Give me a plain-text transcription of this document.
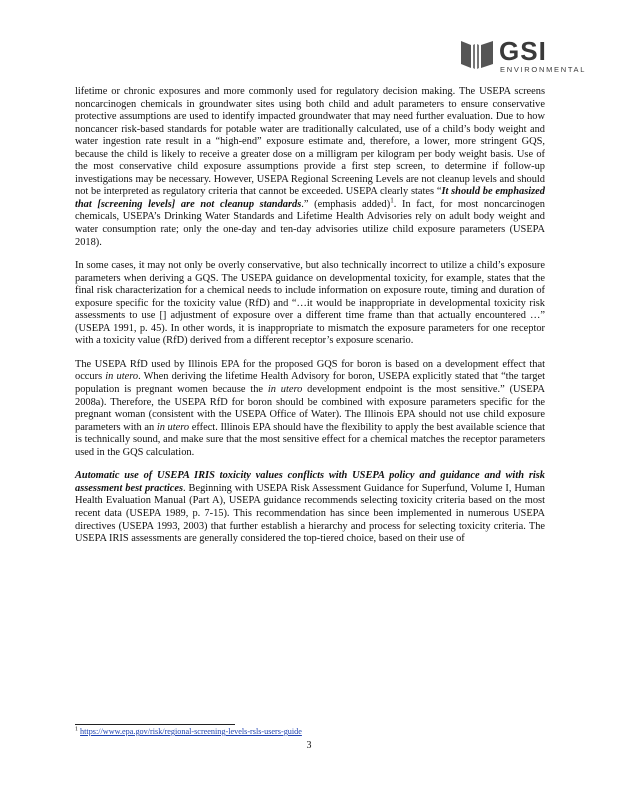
GSI
ENVIRONMENTAL

lifetime or chronic exposures and more commonly used for regulatory decision making. The USEPA screens noncarcinogen chemicals in groundwater sites using both child and adult parameters to ensure conservative protective assumptions are used to identify impacted groundwater that may need further evaluation. Due to how noncancer risk-based standards for potable water are traditionally calculated, use of a child’s body weight and water ingestion rate result in a “high-end” exposure estimate and, therefore, a lower, more stringent GQS, because the child is likely to receive a greater dose on a milligram per kilogram per body weight basis. Use of the most conservative child exposure assumptions provide a first step screen, to determine if follow-up investigations may be necessary. However, USEPA Regional Screening Levels are not cleanup levels and should not be interpreted as regulatory criteria that cannot be exceeded. USEPA clearly states “It should be emphasized that [screening levels] are not cleanup standards.” (emphasis added)$^1$. In fact, for most noncarcinogen chemicals, USEPA’s Drinking Water Standards and Lifetime Health Advisories rely on adult body weight and water consumption rate; only the one-day and ten-day advisories utilize child exposure parameters (USEPA 2018).

In some cases, it may not only be overly conservative, but also technically incorrect to utilize a child’s exposure parameters when deriving a GQS. The USEPA guidance on developmental toxicity, for example, states that the final risk characterization for a chemical needs to include information on exposure route, timing and duration of exposure specific for the toxicity value (RfD) and “…it would be inappropriate in developmental toxicity risk assessments to use [] adjustment of exposure over a different time frame than that actually encountered …” (USEPA 1991, p. 45). In other words, it is inappropriate to mismatch the exposure parameters for one receptor with a toxicity value (RfD) derived from a different receptor’s exposure scenario.

The USEPA RfD used by Illinois EPA for the proposed GQS for boron is based on a development effect that occurs in utero. When deriving the lifetime Health Advisory for boron, USEPA explicitly stated that “the target population is pregnant women because the in utero development endpoint is the most sensitive.” (USEPA 2008a). Therefore, the USEPA RfD for boron should be combined with exposure parameters specific for the pregnant woman (consistent with the USEPA Office of Water). The Illinois EPA should not use child exposure parameters with an in utero effect. Illinois EPA should have the flexibility to apply the best available science that is technically sound, and make sure that the most sensitive effect for a chemical matches the receptor parameters used in the GQS calculation.

Automatic use of USEPA IRIS toxicity values conflicts with USEPA policy and guidance and with risk assessment best practices. Beginning with USEPA Risk Assessment Guidance for Superfund, Volume I, Human Health Evaluation Manual (Part A), USEPA guidance recommends selecting toxicity criteria based on the most recent data (USEPA 1989, p. 7-15). This recommendation has since been implemented in numerous USEPA directives (USEPA 1993, 2003) that further establish a hierarchy and process for selecting toxicity criteria. The USEPA IRIS assessments are generally considered the top-tiered choice, based on their use of

$^1$ https://www.epa.gov/risk/regional-screening-levels-rsls-users-guide
3
